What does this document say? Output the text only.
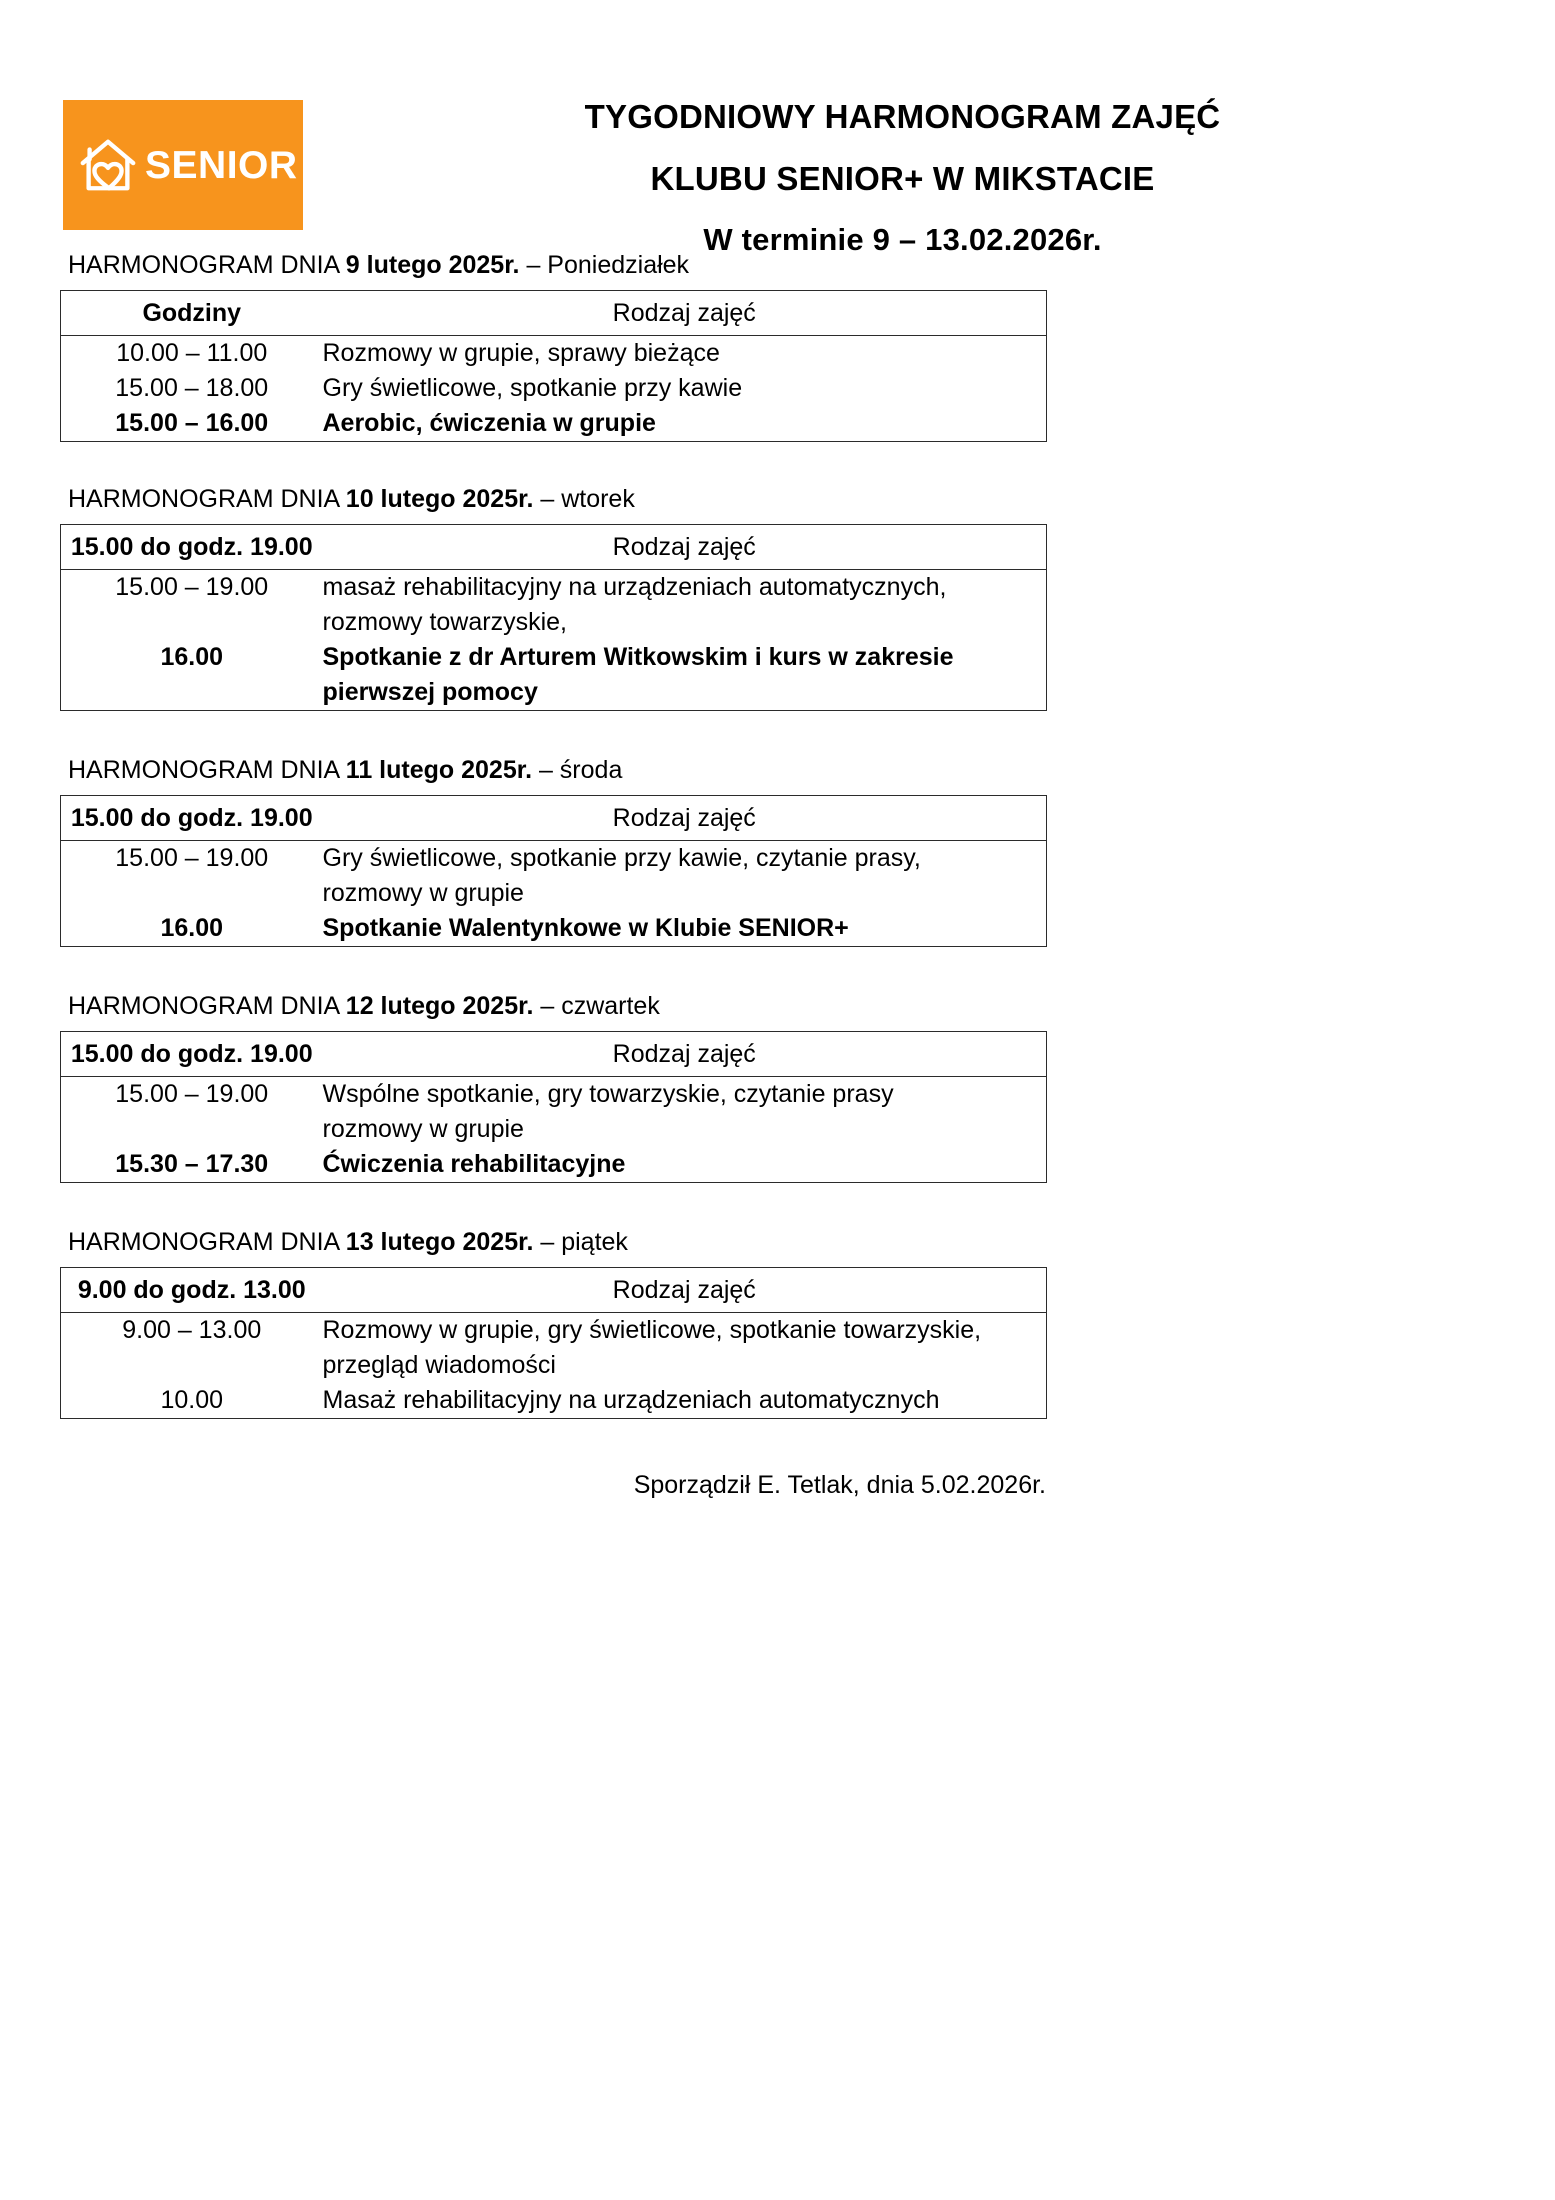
SENIOR +
TYGODNIOWY HARMONOGRAM ZAJĘĆ
KLUBU SENIOR+ W MIKSTACIE
W terminie 9 – 13.02.2026r.
HARMONOGRAM DNIA 9 lutego 2025r. – Poniedziałek
Godziny	Rodzaj zajęć
10.00 – 11.00	Rozmowy w grupie, sprawy bieżące

15.00 – 18.00	Gry świetlicowe, spotkanie przy kawie

15.00 – 16.00	Aerobic, ćwiczenia w grupie
HARMONOGRAM DNIA 10 lutego 2025r. – wtorek
15.00 do godz. 19.00	Rodzaj zajęć
15.00 – 19.00	masaż rehabilitacyjny na urządzeniach automatycznych,
rozmowy towarzyskie,

16.00	Spotkanie z dr Arturem Witkowskim i kurs w zakresie
pierwszej pomocy
HARMONOGRAM DNIA 11 lutego 2025r. – środa
15.00 do godz. 19.00	Rodzaj zajęć
15.00 – 19.00	Gry świetlicowe, spotkanie przy kawie, czytanie prasy,
rozmowy w grupie

16.00	Spotkanie Walentynkowe w Klubie SENIOR+
HARMONOGRAM DNIA 12 lutego 2025r. – czwartek
15.00 do godz. 19.00	Rodzaj zajęć
15.00 – 19.00	Wspólne spotkanie, gry towarzyskie, czytanie prasy
rozmowy w grupie

15.30 – 17.30	Ćwiczenia rehabilitacyjne
HARMONOGRAM DNIA 13 lutego 2025r. – piątek
9.00 do godz. 13.00	Rodzaj zajęć
9.00 – 13.00	Rozmowy w grupie, gry świetlicowe, spotkanie towarzyskie,
przegląd wiadomości

10.00	Masaż rehabilitacyjny na urządzeniach automatycznych
Sporządził E. Tetlak, dnia 5.02.2026r.
